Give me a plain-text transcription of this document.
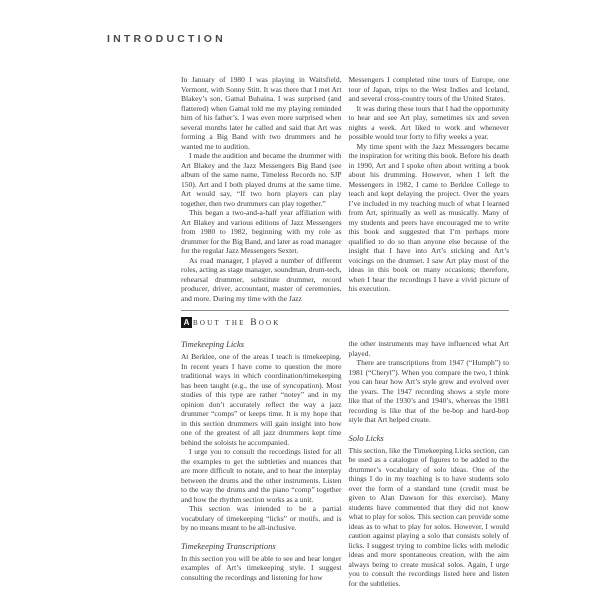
INTRODUCTION

In January of 1980 I was playing in Waitsfield, Vermont, with Sonny Stitt. It was there that I met Art Blakey’s son, Gamal Buhaina. I was surprised (and flattered) when Gamal told me my playing reminded him of his father’s. I was even more surprised when several months later he called and said that Art was forming a Big Band with two drummers and he wanted me to audition.

I made the audition and became the drummer with Art Blakey and the Jazz Messengers Big Band (see album of the same name, Timeless Records no. SJP 150). Art and I both played drums at the same time. Art would say, “If two horn players can play together, then two drummers can play together.”

This began a two-and-a-half year affiliation with Art Blakey and various editions of Jazz Messengers from 1980 to 1982, beginning with my role as drummer for the Big Band, and later as road manager for the regular Jazz Messengers Sextet.

As road manager, I played a number of different roles, acting as stage manager, soundman, drum-tech, rehearsal drummer, substitute drummer, record producer, driver, accountant, master of ceremonies, and more. During my time with the Jazz

Messengers I completed nine tours of Europe, one tour of Japan, trips to the West Indies and Iceland, and several cross-country tours of the United States.

It was during these tours that I had the opportunity to hear and see Art play, sometimes six and seven nights a week. Art liked to work and whenever possible would tour forty to fifty weeks a year.

My time spent with the Jazz Messengers became the inspiration for writing this book. Before his death in 1990, Art and I spoke often about writing a book about his drumming. However, when I left the Messengers in 1982, I came to Berklee College to teach and kept delaying the project. Over the years I’ve included in my teaching much of what I learned from Art, spiritually as well as musically. Many of my students and peers have encouraged me to write this book and suggested that I’m perhaps more qualified to do so than anyone else because of the insight that I have into Art’s sticking and Art’s voicings on the drumset. I saw Art play most of the ideas in this book on many occasions; therefore, when I hear the recordings I have a vivid picture of his execution.

A bout the Book
Timekeeping Licks

At Berklee, one of the areas I teach is timekeeping. In recent years I have come to question the more traditional ways in which coordination/timekeeping has been taught (e.g., the use of syncopation). Most studies of this type are rather “notey” and in my opinion don’t accurately reflect the way a jazz drummer “comps” or keeps time. It is my hope that in this section drummers will gain insight into how one of the greatest of all jazz drummers kept time behind the soloists he accompanied.

I urge you to consult the recordings listed for all the examples to get the subtleties and nuances that are more difficult to notate, and to hear the interplay between the drums and the other instruments. Listen to the way the drums and the piano “comp” together and how the rhythm section works as a unit.

This section was intended to be a partial vocabulary of timekeeping “licks” or motifs, and is by no means meant to be all-inclusive.

Timekeeping Transcriptions

In this section you will be able to see and hear longer examples of Art’s timekeeping style. I suggest consulting the recordings and listening for how

the other instruments may have influenced what Art played.

There are transcriptions from 1947 (“Humph”) to 1981 (“Cheryl”). When you compare the two, I think you can hear how Art’s style grew and evolved over the years. The 1947 recording shows a style more like that of the 1930’s and 1940’s, whereas the 1981 recording is like that of the be-bop and hard-bop style that Art helped create.

Solo Licks

This section, like the Timekeeping Licks section, can be used as a catalogue of figures to be added to the drummer’s vocabulary of solo ideas. One of the things I do in my teaching is to have students solo over the form of a standard tune (credit must be given to Alan Dawson for this exercise). Many students have commented that they did not know what to play for solos. This section can provide some ideas as to what to play for solos. However, I would caution against playing a solo that consists solely of licks. I suggest trying to combine licks with melodic ideas and more spontaneous creation, with the aim always being to create musical solos. Again, I urge you to consult the recordings listed here and listen for the subtleties.
